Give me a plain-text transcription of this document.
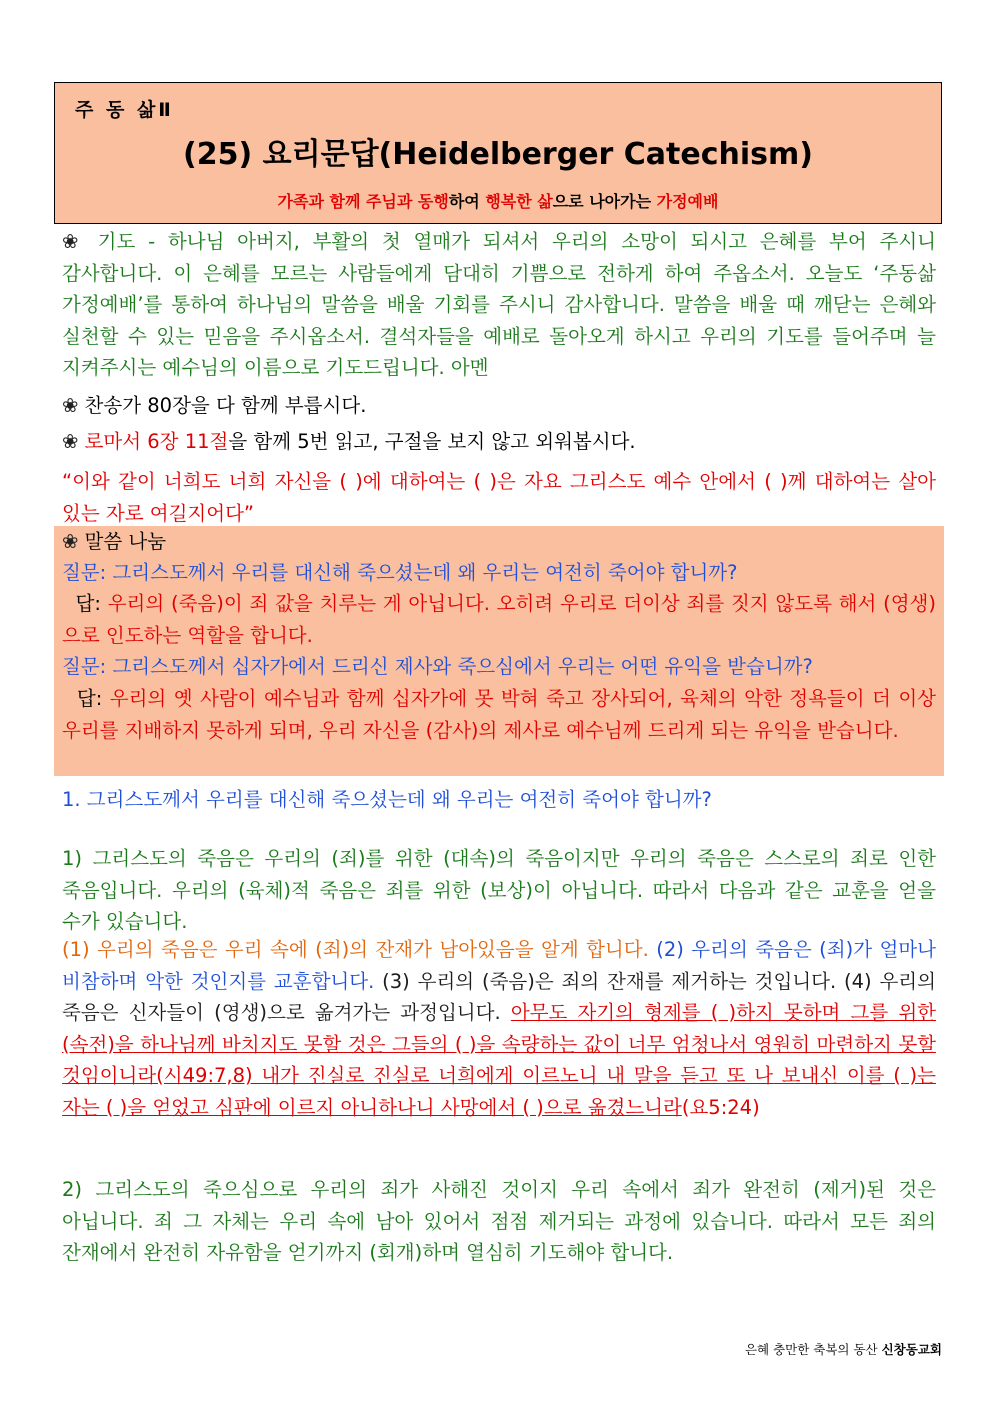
주 동 삶Ⅱ
(25) 요리문답(Heidelberger Catechism)
가족과 함께 주님과 동행하여 행복한 삶으로 나아가는 가정예배
❀ 기도 - 하나님 아버지, 부활의 첫 열매가 되셔서 우리의 소망이 되시고 은혜를 부어 주시니 감사합니다. 이 은혜를 모르는 사람들에게 담대히 기쁨으로 전하게 하여 주옵소서. 오늘도 ‘주동삶 가정예배’를 통하여 하나님의 말씀을 배울 기회를 주시니 감사합니다. 말씀을 배울 때 깨닫는 은혜와 실천할 수 있는 믿음을 주시옵소서. 결석자들을 예배로 돌아오게 하시고 우리의 기도를 들어주며 늘 지켜주시는 예수님의 이름으로 기도드립니다. 아멘
❀ 찬송가 80장을 다 함께 부릅시다.
❀ 로마서 6장 11절을 함께 5번 읽고, 구절을 보지 않고 외워봅시다.
“이와 같이 너희도 너희 자신을 ( )에 대하여는 ( )은 자요 그리스도 예수 안에서 ( )께 대하여는 살아 있는 자로 여길지어다”
❀ 말씀 나눔
질문: 그리스도께서 우리를 대신해 죽으셨는데 왜 우리는 여전히 죽어야 합니까?
답: 우리의 (죽음)이 죄 값을 치루는 게 아닙니다. 오히려 우리로 더이상 죄를 짓지 않도록 해서 (영생)으로 인도하는 역할을 합니다.
질문: 그리스도께서 십자가에서 드리신 제사와 죽으심에서 우리는 어떤 유익을 받습니까?
답: 우리의 옛 사람이 예수님과 함께 십자가에 못 박혀 죽고 장사되어, 육체의 악한 정욕들이 더 이상 우리를 지배하지 못하게 되며, 우리 자신을 (감사)의 제사로 예수님께 드리게 되는 유익을 받습니다.
1. 그리스도께서 우리를 대신해 죽으셨는데 왜 우리는 여전히 죽어야 합니까?
1) 그리스도의 죽음은 우리의 (죄)를 위한 (대속)의 죽음이지만 우리의 죽음은 스스로의 죄로 인한 죽음입니다. 우리의 (육체)적 죽음은 죄를 위한 (보상)이 아닙니다. 따라서 다음과 같은 교훈을 얻을 수가 있습니다.
(1) 우리의 죽음은 우리 속에 (죄)의 잔재가 남아있음을 알게 합니다. (2) 우리의 죽음은 (죄)가 얼마나 비참하며 악한 것인지를 교훈합니다. (3) 우리의 (죽음)은 죄의 잔재를 제거하는 것입니다. (4) 우리의 죽음은 신자들이 (영생)으로 옮겨가는 과정입니다. 아무도 자기의 형제를 ( )하지 못하며 그를 위한 (속전)을 하나님께 바치지도 못할 것은 그들의 ( )을 속량하는 값이 너무 엄청나서 영원히 마련하지 못할 것임이니라(시49:7,8) 내가 진실로 진실로 너희에게 이르노니 내 말을 듣고 또 나 보내신 이를 ( )는 자는 ( )을 얻었고 심판에 이르지 아니하나니 사망에서 ( )으로 옮겼느니라(요5:24)
2) 그리스도의 죽으심으로 우리의 죄가 사해진 것이지 우리 속에서 죄가 완전히 (제거)된 것은 아닙니다. 죄 그 자체는 우리 속에 남아 있어서 점점 제거되는 과정에 있습니다. 따라서 모든 죄의 잔재에서 완전히 자유함을 얻기까지 (회개)하며 열심히 기도해야 합니다.
은혜 충만한 축복의 동산 신창동교회
